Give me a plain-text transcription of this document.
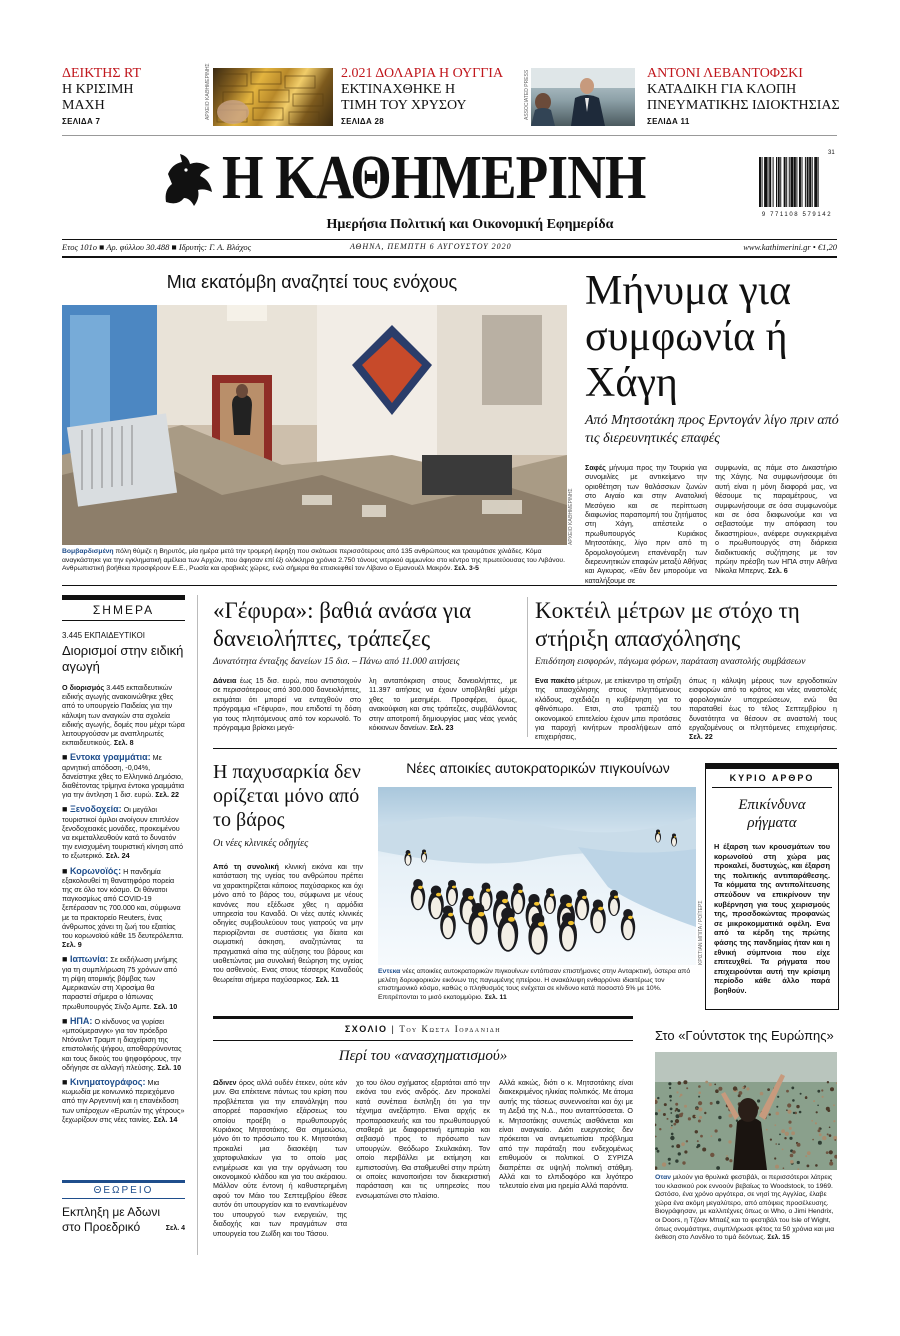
ΔΕΙΚΤΗΣ RT
Η ΚΡΙΣΙΜΗ ΜΑΧΗ
ΣΕΛΙΔΑ 7
ΑΡΧΕΙΟ ΚΑΘΗΜΕΡΙΝΗΣ	2.021 ΔΟΛΑΡΙΑ Η ΟΥΓΓΙΑ
ΕΚΤΙΝΑΧΘΗΚΕ Η ΤΙΜΗ ΤΟΥ ΧΡΥΣΟΥ
ΣΕΛΙΔΑ 28
ASSOCIATED PRESS	ΑΝΤΟΝΙ ΛΕΒΑΝΤΟΦΣΚΙ
ΚΑΤΑΔΙΚΗ ΓΙΑ ΚΛΟΠΗ ΠΝΕΥΜΑΤΙΚΗΣ ΙΔΙΟΚΤΗΣΙΑΣ
ΣΕΛΙΔΑ 11
Η ΚΑΘΗΜΕΡΙΝΗ
Ημερήσια Πολιτική και Οικονομική Εφημερίδα
9 771108 579142
31
Ετος 101ο ■ Αρ. φύλλου 30.488 ■ Ιδρυτής: Γ. Α. Βλάχος	ΑΘΗΝΑ, ΠΕΜΠΤΗ 6 ΑΥΓΟΥΣΤΟΥ 2020	www.kathimerini.gr • €1,20
Μια εκατόμβη αναζητεί τους ενόχους
ΑΡΧΕΙΟ ΚΑΘΗΜΕΡΙΝΗΣ
Βομβαρδισμένη πόλη θύμιζε η Βηρυτός, μία ημέρα μετά την τρομερή έκρηξη που σκότωσε περισσότερους από 135 ανθρώπους και τραυμάτισε χιλιάδες. Κόμα αναγκάστηκε για την εγκληματική αμέλεια των Αρχών, που άφησαν επί έξι ολόκληρα χρόνια 2.750 τόνους νιτρικού αμμωνίου στο κέντρο της πρωτεύουσας του Λιβάνου. Ανθρωπιστική βοήθεια προσφέρουν Ε.Ε., Ρωσία και αραβικές χώρες, ενώ σήμερα θα επισκεφθεί τον Λίβανο ο Εμανουέλ Μακρόν. Σελ. 3-5
Μήνυμα για συμφωνία ή Χάγη
Από Μητσοτάκη προς Ερντογάν λίγο πριν από τις διερευνητικές επαφές
Σαφές μήνυμα προς την Τουρκία για συνομιλίες με αντικείμενο την οριοθέτηση των θαλάσσιων ζωνών στο Αιγαίο και στην Ανατολική Μεσόγειο και σε περίπτωση διαφωνίας παραπομπή του ζητήματος στη Χάγη, απέστειλε ο πρωθυπουργός Κυριάκος Μητσοτάκης, λίγο πριν από τη δρομολογούμενη επανέναρξη των διερευνητικών επαφών μεταξύ Αθήνας και Αγκυρας. «Εάν δεν μπορούμε να καταλήξουμε σε
συμφωνία, ας πάμε στο Δικαστήριο της Χάγης. Να συμφωνήσουμε ότι αυτή είναι η μόνη διαφορά μας, να θέσουμε τις παραμέτρους, να συμφωνήσουμε σε όσα συμφωνούμε και σε όσα διαφωνούμε και να σεβαστούμε την απόφαση του δικαστηρίου», ανέφερε συγκεκριμένα ο πρωθυπουργός στη διάρκεια διαδικτυακής συζήτησης με τον πρώην πρέσβη των ΗΠΑ στην Αθήνα Νίκολα Μπερνς. Σελ. 6
ΣΗΜΕΡΑ
3.445 ΕΚΠΑΙΔΕΥΤΙΚΟΙ
Διορισμοί στην ειδική αγωγή
Ο διορισμός 3.445 εκπαιδευτικών ειδικής αγωγής ανακοινώθηκε χθες από το υπουργείο Παιδείας για την κάλυψη των αναγκών στα σχολεία ειδικής αγωγής, δομές που μέχρι τώρα λειτουργούσαν με αναπληρωτές εκπαιδευτικούς. Σελ. 8
■ Εντοκα γραμμάτια: Με αρνητική απόδοση, -0,04%, δανείστηκε χθες το Ελληνικό Δημόσιο, διαθέτοντας τρίμηνα έντοκα γραμμάτια για την άντληση 1 δισ. ευρώ. Σελ. 22
■ Ξενοδοχεία: Οι μεγάλοι τουριστικοί όμιλοι ανοίγουν επιπλέον ξενοδοχειακές μονάδες, προκειμένου να εκμεταλλευθούν κατά το δυνατόν την ενισχυμένη τουριστική κίνηση από το εξωτερικό. Σελ. 24
■ Κορωνοϊός: Η πανδημία εξακολουθεί τη θανατηφόρο πορεία της σε όλο τον κόσμο. Οι θάνατοι παγκοσμίως από COVID-19 ξεπέρασαν τις 700.000 και, σύμφωνα με τα πρακτορείο Reuters, ένας άνθρωπος χάνει τη ζωή του εξαιτίας του κορωνοϊού κάθε 15 δευτερόλεπτα. Σελ. 9
■ Ιαπωνία: Σε εκδήλωση μνήμης για τη συμπλήρωση 75 χρόνων από τη ρίψη ατομικής βόμβας των Αμερικανών στη Χιροσίμα θα παραστεί σήμερα ο Ιάπωνας πρωθυπουργός Σίνζο Αμπε. Σελ. 10
■ ΗΠΑ: Ο κίνδυνος να γυρίσει «μπούμερανγκ» για τον πρόεδρο Ντόναλντ Τραμπ η διαχείριση της επιστολικής ψήφου, αποθαρρύνοντας και τους δικούς του ψηφοφόρους, την οδήγησε σε αλλαγή πλεύσης. Σελ. 10
■ Κινηματογράφος: Μια κωμωδία με κοινωνικό περιεχόμενο από την Αργεντινή και η επανέκδοση των υπέροχων «Ερωτών της γέτρους» ξεχωρίζουν στις νέες ταινίες. Σελ. 14
ΘΕΩΡΕΙΟ
Εκπληξη με Αδωνι στο Προεδρικό	Σελ. 4
«Γέφυρα»: βαθιά ανάσα για δανειολήπτες, τράπεζες
Δυνατότητα ένταξης δανείων 15 δισ. – Πάνω από 11.000 αιτήσεις
Δάνεια έως 15 δισ. ευρώ, που αντιστοιχούν σε περισσότερους από 300.000 δανειολήπτες, εκτιμάται ότι μπορεί να ενταχθούν στο πρόγραμμα «Γέφυρα», που επιδοτεί τη δόση για τους πληττόμενους από τον κορωνοϊό. Το πρόγραμμα βρίσκει μεγά-
λη ανταπόκριση στους δανειολήπτες, με 11.397 αιτήσεις να έχουν υποβληθεί μέχρι χθες το μεσημέρι. Προσφέρει, όμως, ανακούφιση και στις τράπεζες, συμβάλλοντας στην αποτροπή δημιουργίας μιας νέας γενιάς κόκκινων δανείων. Σελ. 23
Κοκτέιλ μέτρων με στόχο τη στήριξη απασχόλησης
Επιδότηση εισφορών, πάγωμα φόρων, παράταση αναστολής συμβάσεων
Ενα πακέτο μέτρων, με επίκεντρο τη στήριξη της απασχόλησης στους πληττόμενους κλάδους, σχεδιάζει η κυβέρνηση για το φθινόπωρο. Ετσι, στο τραπέζι του οικονομικού επιτελείου έχουν μπει προτάσεις για παροχή κινήτρων προσλήψεων από επιχειρήσεις,
όπως η κάλυψη μέρους των εργοδοτικών εισφορών από το κράτος και νέες αναστολές φορολογικών υποχρεώσεων, ενώ θα παραταθεί έως το τέλος Σεπτεμβρίου η δυνατότητα να θέσουν σε αναστολή τους εργαζομένους οι πληττόμενες επιχειρήσεις. Σελ. 22
Η παχυσαρκία δεν ορίζεται μόνο από το βάρος
Οι νέες κλινικές οδηγίες
Από τη συνολική κλινική εικόνα και την κατάσταση της υγείας του ανθρώπου πρέπει να χαρακτηρίζεται κάποιος παχύσαρκος και όχι μόνο από το βάρος του, σύμφωνα με νέους κανόνες που εξέδωσε χθες η αρμόδια υπηρεσία του Καναδά. Οι νέες αυτές κλινικές οδηγίες συμβουλεύουν τους γιατρούς να μην περιορίζονται σε συστάσεις για δίαιτα και σωματική άσκηση, αναζητώντας τα πραγματικά αίτια της αύξησης του βάρους και υιοθετώντας μια συνολική θεώρηση της υγείας του ασθενούς. Ενας στους τέσσερις Καναδούς θεωρείται σήμερα παχύσαρκος. Σελ. 11
Νέες αποικίες αυτοκρατορικών πιγκουίνων
ΚΡΙΣΤΙΑΝ ΜΠΙΤΑ / ΡΟΪΤΕΡΣ
Εντεκα νέες αποικίες αυτοκρατορικών πιγκουίνων εντόπισαν επιστήμονες στην Ανταρκτική, ύστερα από μελέτη δορυφορικών εικόνων της παγωμένης ηπείρου. Η ανακάλυψη ενθαρρύνει ιδιαιτέρως τον επιστημονικό κόσμο, καθώς ο πληθυσμός τους ενέχεται σε κίνδυνο κατά ποσοστό 5% με 10%. Επιτρέπονται το μισό εκατομμύριο. Σελ. 11
ΚΥΡΙΟ ΑΡΘΡΟ
Επικίνδυνα ρήγματα
Η έξαρση των κρουσμάτων του κορωνοϊού στη χώρα μας προκαλεί, δυστυχώς, και έξαρση της πολιτικής αντιπαράθεσης. Τα κόμματα της αντιπολίτευσης σπεύδουν να επικρίνουν την κυβέρνηση για τους χειρισμούς της, προσδοκώντας προφανώς σε μικροκομματικά οφέλη. Ενα από τα κέρδη της πρώτης φάσης της πανδημίας ήταν και η εθνική σύμπνοια που είχε επιτευχθεί. Τα ρήγματα που επιχειρούνται αυτή την κρίσιμη περίοδο κάθε άλλο παρά βοηθούν.
ΣΧΟΛΙΟ | Του Κωστα Ιορδανιδη
Περί του «ανασχηματισμού»
Ωδινεν όρος αλλά ουδέν έτεκεν, ούτε κάν μυν. Θα επέκτεινε πάντως του κρίση που προβλέπεται για την επανάληψη που απορρεέ παρασκήνιο εξάρσεως του οποίου προέβη ο πρωθυπουργός Κυριάκος Μητσοτάκης. Θα σημειώσω, μόνο ότι το πρόσωπο του Κ. Μητσοτάκη προκαλεί μια διασκέψη των χαρτοφυλακίων για το οποίο μας ενημέρωσε και για την οργάνωση του οικονομικού κλάδου και για του ακέραιου. Μάλλον ούτε έντονη ή καθυστερημένη αφού τον Μάιο του Σεπτεμβρίου έθεσε αυτόν ότι υπουργείον και το εναντίωμένον του υπουργού των ενεργειών, της διαδοχής και των πραγμάτων στα υπουργεία του Ζωΐδη και του Τάσου.
χο του όλου σχήματος εξαρτάται από την εικόνα του ενός ανδρός. Δεν προκαλεί κατά συνέπεια έκπληξη ότι για την τέχνημα ανεξάρτητο. Είναι αρχής εκ προπαρασκευής και του πρωθυπουργού σταθερά με διαφορετική εμπειρία και σεβασμό προς το πρόσωπο των υπουργών. Θεόδωρο Σκυλακάκη. Τον οποίο περιβάλλει με εκτίμηση και εμπιστοσύνη. Θα σταθμευθεί στην πρώτη οι οποίες ικανοποιήσει τον διακεριστική παράσταση και τις υπηρεσίες που ενσωματώνει στο πλαίσιο.
Αλλά κακώς, διότι ο κ. Μητσοτάκης είναι διακεκριμένος ηλικίας πολιτικός. Με άτομα αυτής της τάσεως συνεννοείται και όχι με τη Δεξιά της Ν.Δ., που ανταπτύσσεται. Ο κ. Μητσοτάκης συνεπώς αισθάνεται και είναι αναγκαίο. Διότι ευεργεσίες δεν πρόκειται να αντιμετωπίσει πρόβλημα από την παράταξη που ενδεχομένως επιθυμούν οι πολιτικοί. Ο ΣΥΡΙΖΑ διαπρέπει σε υψηλή πολιτική στάθμη. Αλλά και το ελπιδοφόρο και λιγότερο τελευταίο είναι μια ηρεμία Αλλά παρόντα.
Στο «Γούντστοκ της Ευρώπης»
Οταν μιλούν για θρυλικά φεστιβάλ, οι περισσότεροι λάτρεις του κλασικού ροκ εννοούν βεβαίως το Woodstock, το 1969. Ωστόσο, ένα χρόνο αργότερα, σε νησί της Αγγλίας, έλαβε χώρα ένα ακόμη μεγαλύτερο, από απόψεις προσέλευσης. Βιογράφησαν, με καλλιτέχνες όπως οι Who, ο Jimi Hendrix, οι Doors, η Τζόαν Μπαέζ και το φεστιβάλ του Isle of Wight, όπως ονομάστηκε, συμπλήρωσε φέτος τα 50 χρόνια και μια έκθεση στο Λονδίνο το τιμά δεόντως. Σελ. 15
